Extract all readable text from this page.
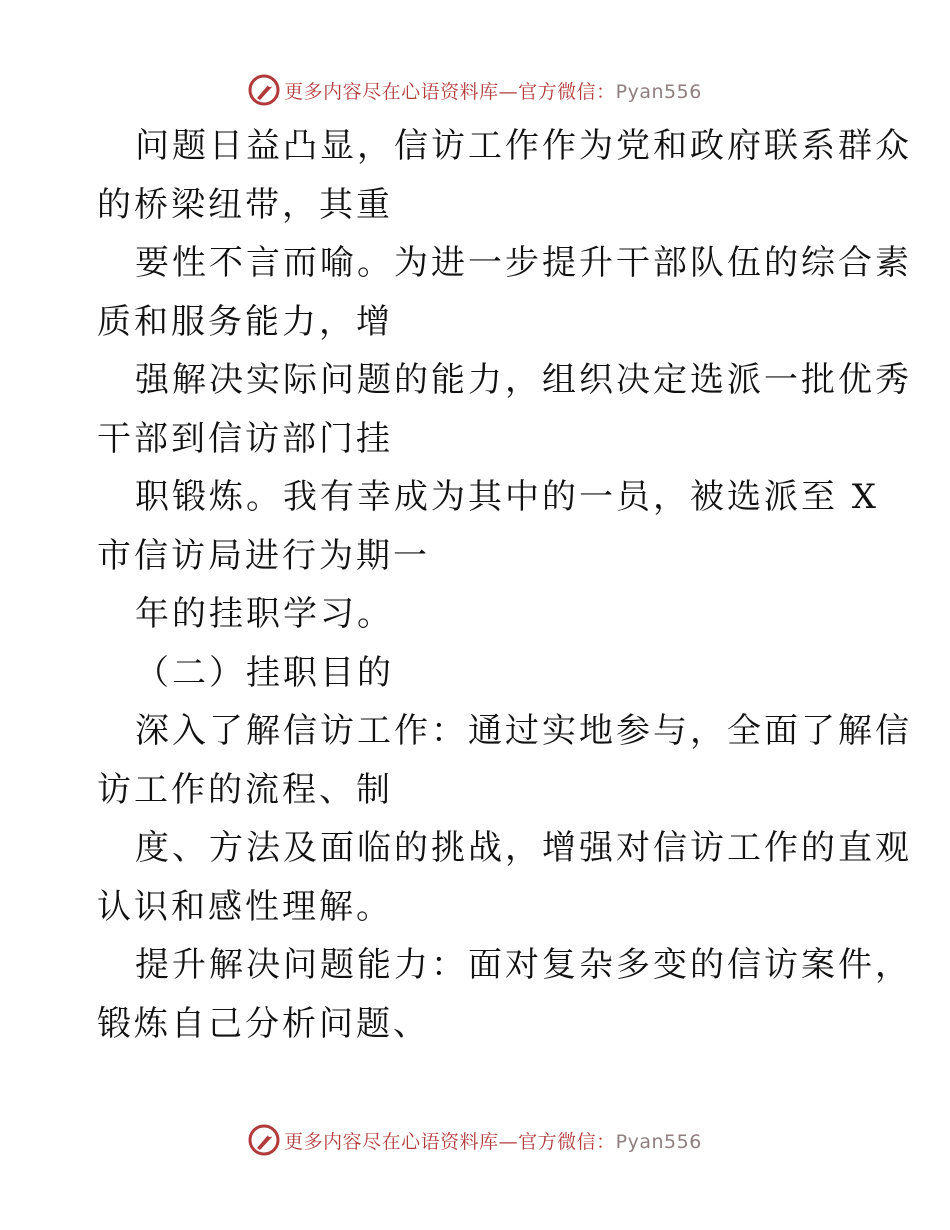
更多内容尽在心语资料库—官方微信：Pyan556
问题日益凸显，信访工作作为党和政府联系群众
的桥梁纽带，其重
要性不言而喻。为进一步提升干部队伍的综合素
质和服务能力，增
强解决实际问题的能力，组织决定选派一批优秀
干部到信访部门挂
职锻炼。我有幸成为其中的一员，被选派至 X
市信访局进行为期一
年的挂职学习。
（二）挂职目的
深入了解信访工作：通过实地参与，全面了解信
访工作的流程、制
度、方法及面临的挑战，增强对信访工作的直观
认识和感性理解。
提升解决问题能力：面对复杂多变的信访案件，
锻炼自己分析问题、
更多内容尽在心语资料库—官方微信：Pyan556
